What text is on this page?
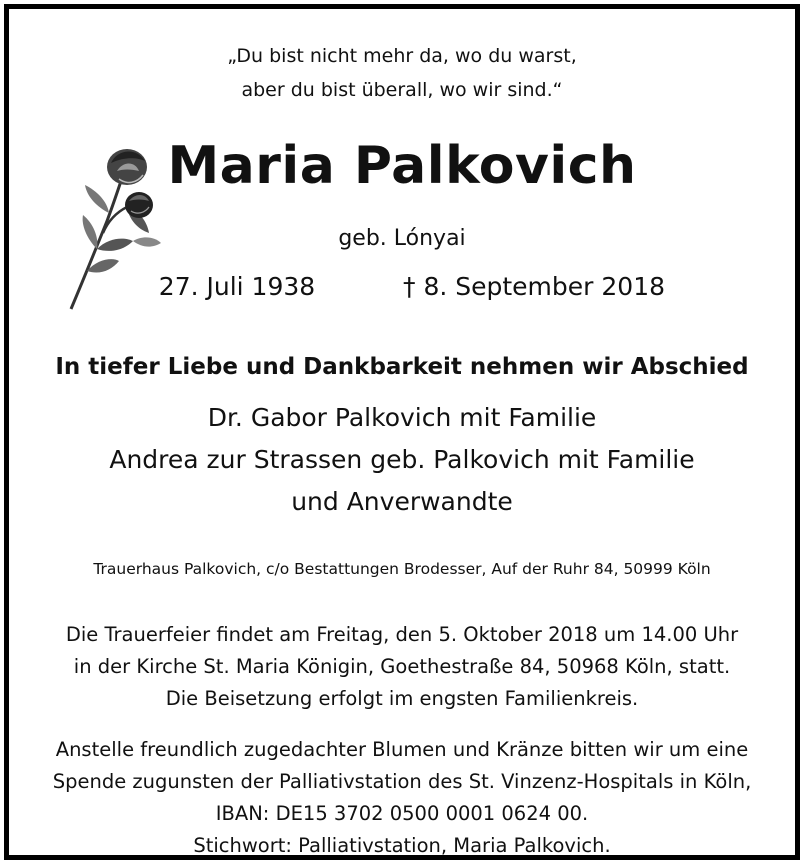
„Du bist nicht mehr da, wo du warst,
aber du bist überall, wo wir sind.“
Maria Palkovich
geb. Lónyai
27. Juli 1938	† 8. September 2018
In tiefer Liebe und Dankbarkeit nehmen wir Abschied
Dr. Gabor Palkovich mit Familie
Andrea zur Strassen geb. Palkovich mit Familie
und Anverwandte
Trauerhaus Palkovich, c/o Bestattungen Brodesser, Auf der Ruhr 84, 50999 Köln
Die Trauerfeier findet am Freitag, den 5. Oktober 2018 um 14.00 Uhr
in der Kirche St. Maria Königin, Goethestraße 84, 50968 Köln, statt.
Die Beisetzung erfolgt im engsten Familienkreis.
Anstelle freundlich zugedachter Blumen und Kränze bitten wir um eine
Spende zugunsten der Palliativstation des St. Vinzenz-Hospitals in Köln,
IBAN: DE15 3702 0500 0001 0624 00.
Stichwort: Palliativstation, Maria Palkovich.
